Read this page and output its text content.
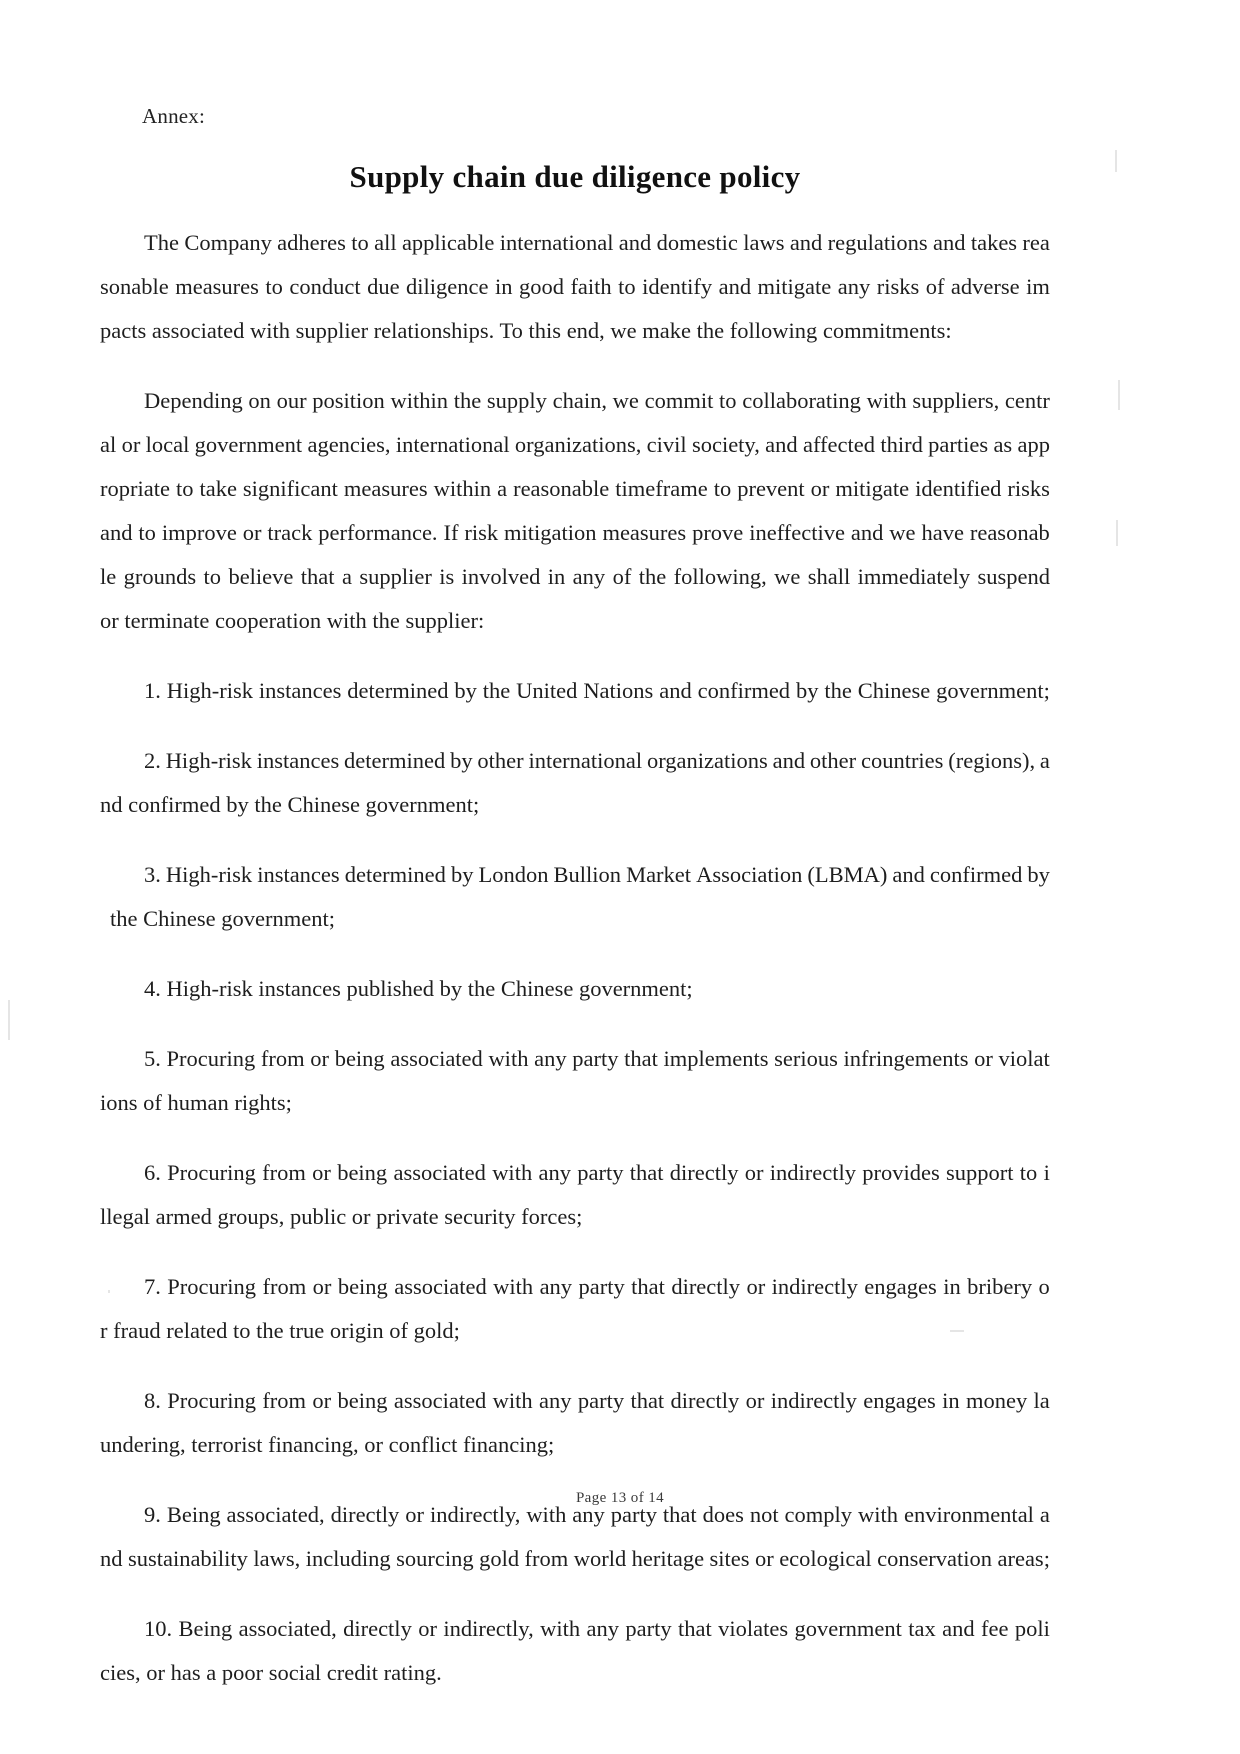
Annex:
Supply chain due diligence policy
The Company adheres to all applicable international and domestic laws and regulations and takes rea
sonable measures to conduct due diligence in good faith to identify and mitigate any risks of adverse im
pacts associated with supplier relationships. To this end, we make the following commitments:
Depending on our position within the supply chain, we commit to collaborating with suppliers, centr
al or local government agencies, international organizations, civil society, and affected third parties as app
ropriate to take significant measures within a reasonable timeframe to prevent or mitigate identified risks
and to improve or track performance. If risk mitigation measures prove ineffective and we have reasonab
le grounds to believe that a supplier is involved in any of the following, we shall immediately suspend
or terminate cooperation with the supplier:
1. High-risk instances determined by the United Nations and confirmed by the Chinese government;
2. High-risk instances determined by other international organizations and other countries (regions), a
nd confirmed by the Chinese government;
3. High-risk instances determined by London Bullion Market Association (LBMA) and confirmed by
the Chinese government;
4. High-risk instances published by the Chinese government;
5. Procuring from or being associated with any party that implements serious infringements or violat
ions of human rights;
6. Procuring from or being associated with any party that directly or indirectly provides support to i
llegal armed groups, public or private security forces;
7. Procuring from or being associated with any party that directly or indirectly engages in bribery o
r fraud related to the true origin of gold;
8. Procuring from or being associated with any party that directly or indirectly engages in money la
undering, terrorist financing, or conflict financing;
9. Being associated, directly or indirectly, with any party that does not comply with environmental a
nd sustainability laws, including sourcing gold from world heritage sites or ecological conservation areas;
10. Being associated, directly or indirectly, with any party that violates government tax and fee poli
cies, or has a poor social credit rating.
Page 13 of 14
